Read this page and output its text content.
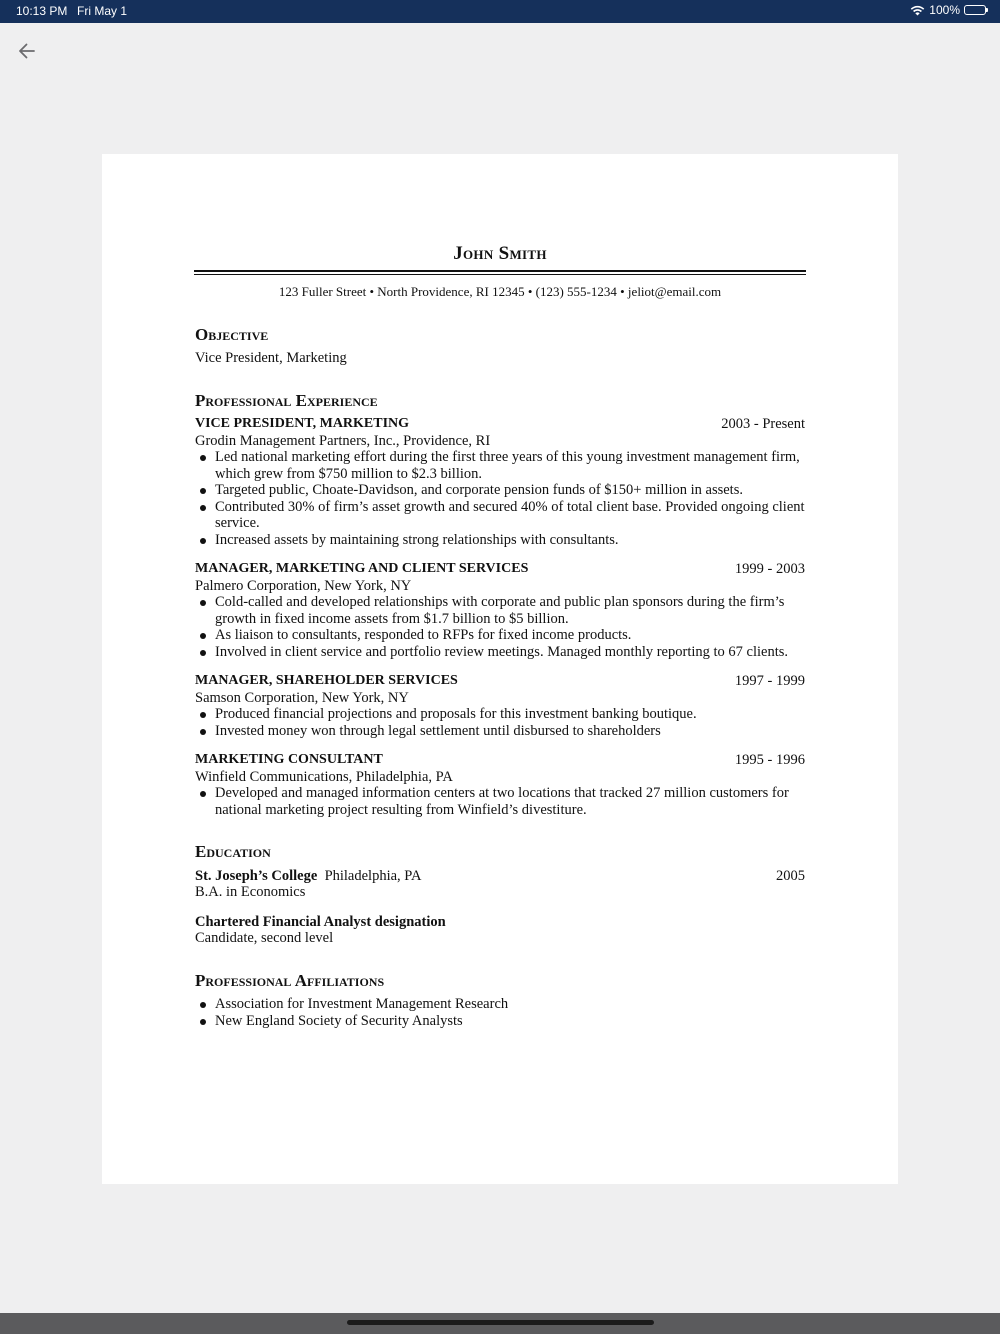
10:13 PM Fri May 1	100%
John Smith
123 Fuller Street • North Providence, RI 12345 • (123) 555-1234 • jeliot@email.com
Objective
Vice President, Marketing
Professional Experience
VICE PRESIDENT, MARKETING	2003 - Present
Grodin Management Partners, Inc., Providence, RI
Led national marketing effort during the first three years of this young investment management firm, which grew from $750 million to $2.3 billion.
Targeted public, Choate-Davidson, and corporate pension funds of $150+ million in assets.
Contributed 30% of firm’s asset growth and secured 40% of total client base. Provided ongoing client service.
Increased assets by maintaining strong relationships with consultants.
MANAGER, MARKETING AND CLIENT SERVICES	1999 - 2003
Palmero Corporation, New York, NY
Cold-called and developed relationships with corporate and public plan sponsors during the firm’s growth in fixed income assets from $1.7 billion to $5 billion.
As liaison to consultants, responded to RFPs for fixed income products.
Involved in client service and portfolio review meetings. Managed monthly reporting to 67 clients.
MANAGER, SHAREHOLDER SERVICES	1997 - 1999
Samson Corporation, New York, NY
Produced financial projections and proposals for this investment banking boutique.
Invested money won through legal settlement until disbursed to shareholders
MARKETING CONSULTANT	1995 - 1996
Winfield Communications, Philadelphia, PA
Developed and managed information centers at two locations that tracked 27 million customers for national marketing project resulting from Winfield’s divestiture.
Education
St. Joseph’s College Philadelphia, PA	2005
B.A. in Economics
Chartered Financial Analyst designation
Candidate, second level
Professional Affiliations
Association for Investment Management Research
New England Society of Security Analysts
